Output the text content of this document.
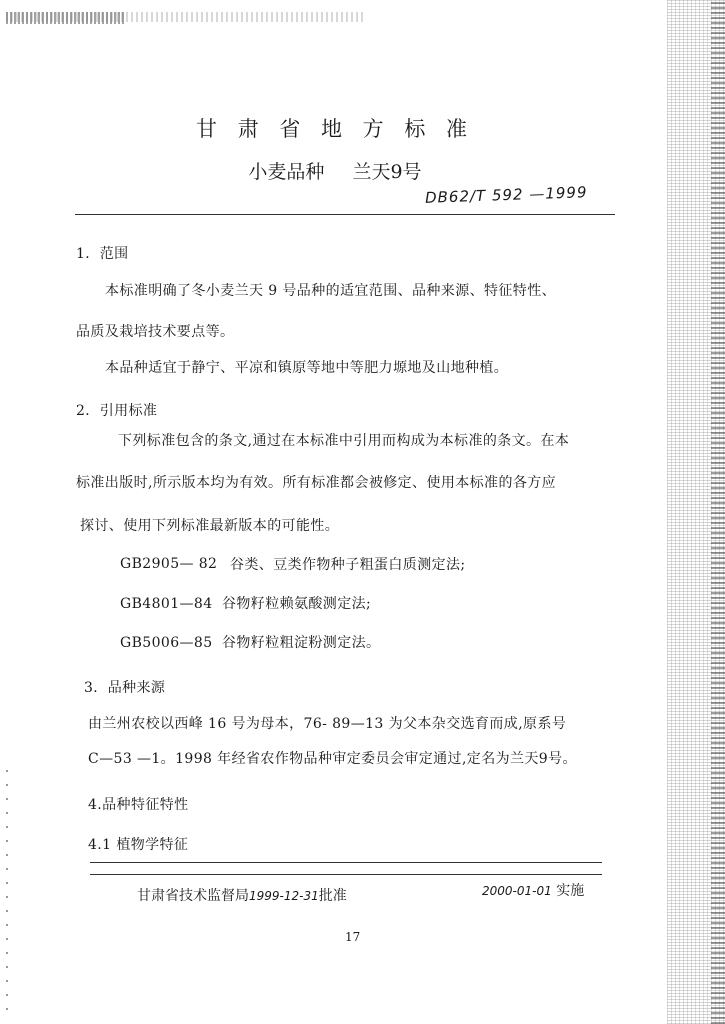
甘 肃 省 地 方 标 准
小麦品种 兰天9号
DB62/T 592 —1999
1．范围
本标准明确了冬小麦兰天 9 号品种的适宜范围、品种来源、特征特性、
品质及栽培技术要点等。
本品种适宜于静宁、平凉和镇原等地中等肥力塬地及山地种植。
2．引用标准
下列标准包含的条文,通过在本标准中引用而构成为本标准的条文。在本
标准出版时,所示版本均为有效。所有标准都会被修定、使用本标准的各方应
探讨、使用下列标准最新版本的可能性。
GB2905— 82 谷类、豆类作物种子粗蛋白质测定法;
GB4801—84 谷物籽粒赖氨酸测定法;
GB5006—85 谷物籽粒粗淀粉测定法。
3．品种来源
由兰州农校以西峰 16 号为母本，76- 89—13 为父本杂交选育而成,原系号
C—53 —1。1998 年经省农作物品种审定委员会审定通过,定名为兰天9号。
4.品种特征特性
4.1 植物学特征
甘肃省技术监督局1999-12-31批准	2000-01-01 实施
17
